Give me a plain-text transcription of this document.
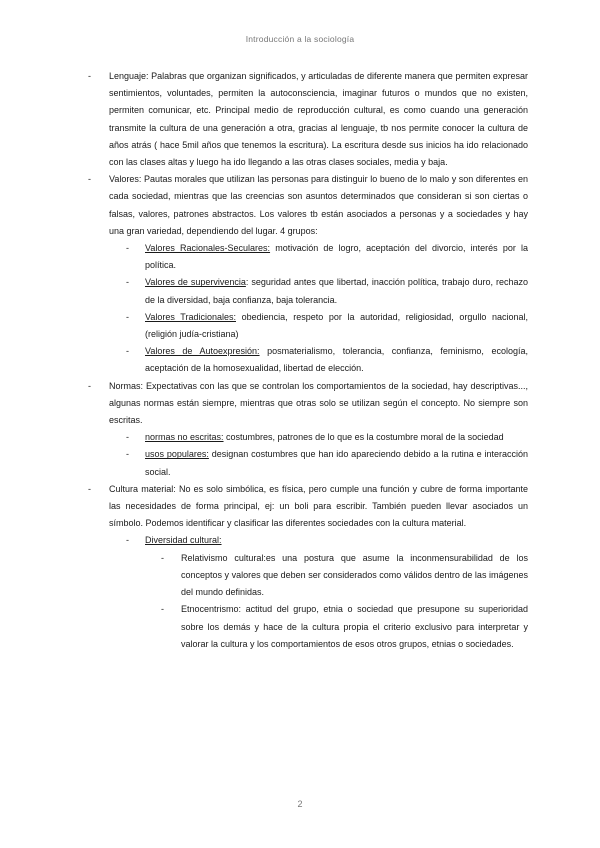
Introducción a la sociología

- Lenguaje: Palabras que organizan significados, y articuladas de diferente manera que permiten expresar sentimientos, voluntades, permiten la autoconsciencia, imaginar futuros o mundos que no existen, permiten comunicar, etc. Principal medio de reproducción cultural, es como cuando una generación transmite la cultura de una generación a otra, gracias al lenguaje, tb nos permite conocer la cultura de años atrás ( hace 5mil años que tenemos la escritura). La escritura desde sus inicios ha ido relacionado con las clases altas y luego ha ido llegando a las otras clases sociales, media y baja.

- Valores: Pautas morales que utilizan las personas para distinguir lo bueno de lo malo y son diferentes en cada sociedad, mientras que las creencias son asuntos determinados que consideran si son ciertas o falsas, valores, patrones abstractos. Los valores tb están asociados a personas y a sociedades y hay una gran variedad, dependiendo del lugar. 4 grupos:

- Valores Racionales-Seculares: motivación de logro, aceptación del divorcio, interés por la política.

- Valores de supervivencia: seguridad antes que libertad, inacción política, trabajo duro, rechazo de la diversidad, baja confianza, baja tolerancia.

- Valores Tradicionales: obediencia, respeto por la autoridad, religiosidad, orgullo nacional, (religión judía-cristiana)

- Valores de Autoexpresión: posmaterialismo, tolerancia, confianza, feminismo, ecología, aceptación de la homosexualidad, libertad de elección.

- Normas: Expectativas con las que se controlan los comportamientos de la sociedad, hay descriptivas..., algunas normas están siempre, mientras que otras solo se utilizan según el concepto. No siempre son escritas.

- normas no escritas: costumbres, patrones de lo que es la costumbre moral de la sociedad

- usos populares: designan costumbres que han ido apareciendo debido a la rutina e interacción social.

- Cultura material: No es solo simbólica, es física, pero cumple una función y cubre de forma importante las necesidades de forma principal, ej: un boli para escribir. También pueden llevar asociados un símbolo. Podemos identificar y clasificar las diferentes sociedades con la cultura material.

- Diversidad cultural:

- Relativismo cultural:es una postura que asume la inconmensurabilidad de los conceptos y valores que deben ser considerados como válidos dentro de las imágenes del mundo definidas.

- Etnocentrismo: actitud del grupo, etnia o sociedad que presupone su superioridad sobre los demás y hace de la cultura propia el criterio exclusivo para interpretar y valorar la cultura y los comportamientos de esos otros grupos, etnias o sociedades.

2
